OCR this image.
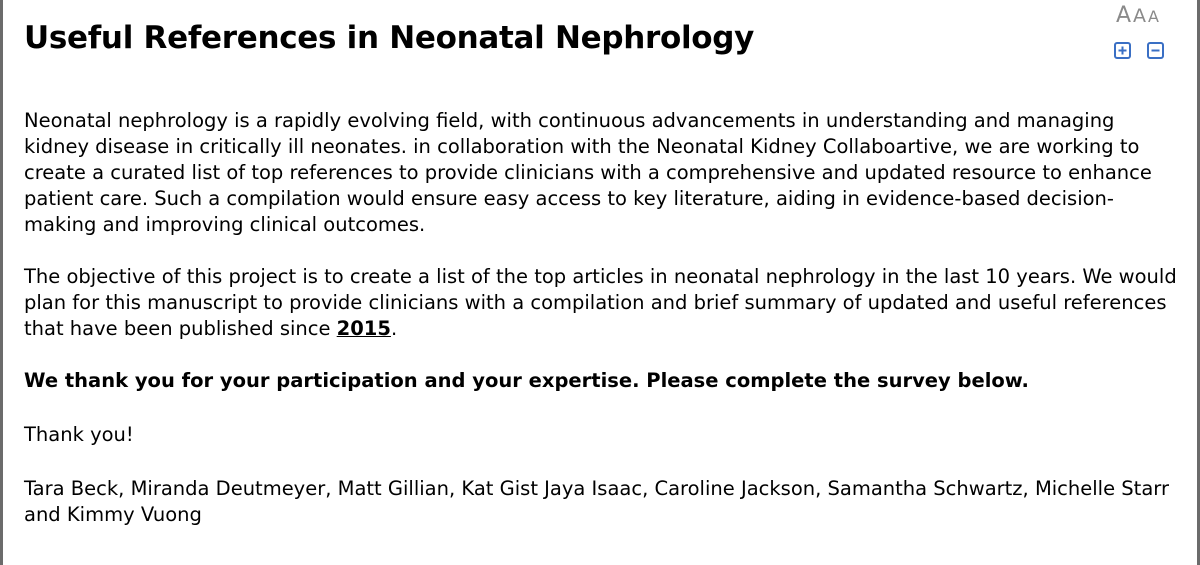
Useful References in Neonatal Nephrology
A A A

Neonatal nephrology is a rapidly evolving field, with continuous advancements in understanding and managing kidney disease in critically ill neonates. in collaboration with the Neonatal Kidney Collaboartive, we are working to create a curated list of top references to provide clinicians with a comprehensive and updated resource to enhance patient care. Such a compilation would ensure easy access to key literature, aiding in evidence-based decision-making and improving clinical outcomes.

The objective of this project is to create a list of the top articles in neonatal nephrology in the last 10 years. We would plan for this manuscript to provide clinicians with a compilation and brief summary of updated and useful references that have been published since 2015.

We thank you for your participation and your expertise. Please complete the survey below.

Thank you!

Tara Beck, Miranda Deutmeyer, Matt Gillian, Kat Gist Jaya Isaac, Caroline Jackson, Samantha Schwartz, Michelle Starr and Kimmy Vuong
